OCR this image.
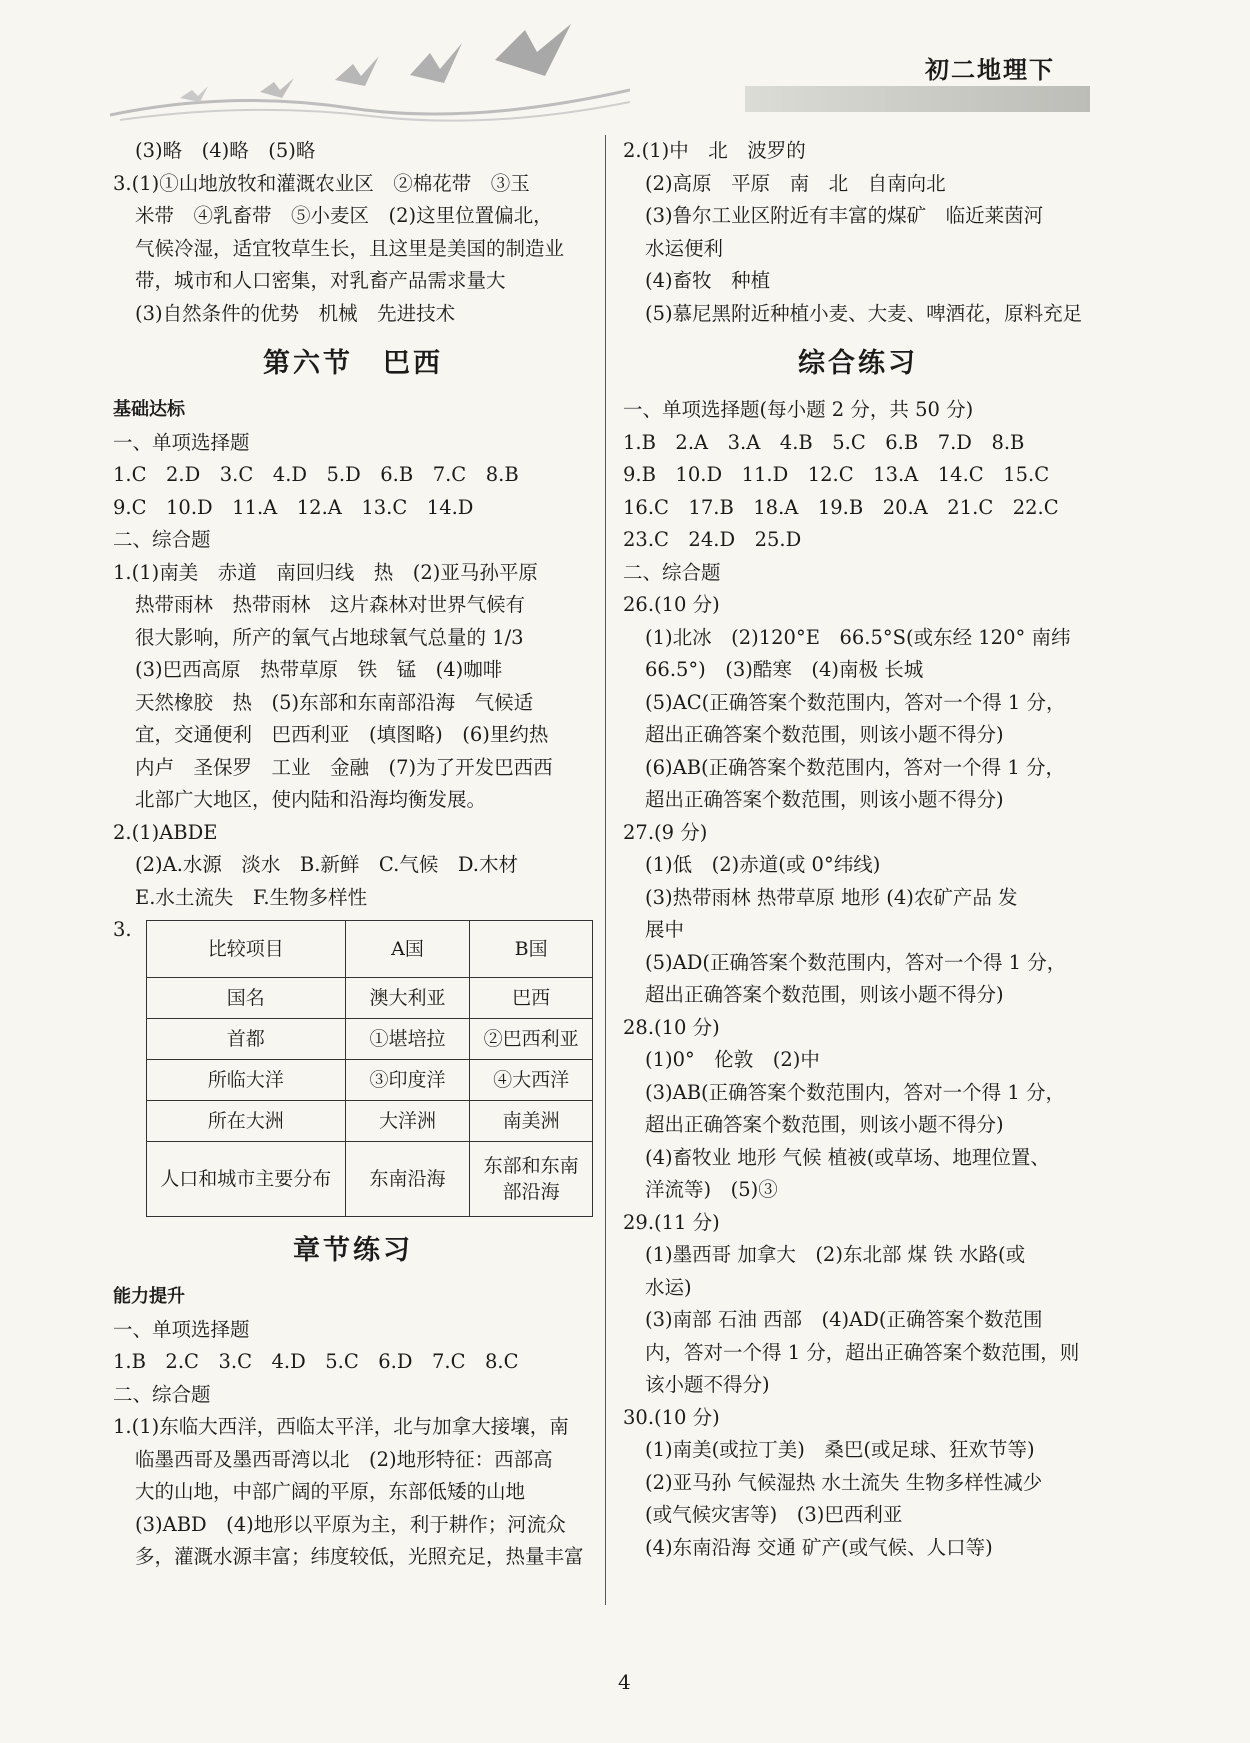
初二地理下
(3)略　(4)略　(5)略
3.(1)①山地放牧和灌溉农业区　②棉花带　③玉
米带　④乳畜带　⑤小麦区　(2)这里位置偏北，
气候冷湿，适宜牧草生长，且这里是美国的制造业
带，城市和人口密集，对乳畜产品需求量大
(3)自然条件的优势　机械　先进技术
第六节　巴西
基础达标
一、单项选择题
1.C　2.D　3.C　4.D　5.D　6.B　7.C　8.B
9.C　10.D　11.A　12.A　13.C　14.D
二、综合题
1.(1)南美　赤道　南回归线　热　(2)亚马孙平原
热带雨林　热带雨林　这片森林对世界气候有
很大影响，所产的氧气占地球氧气总量的 1/3
(3)巴西高原　热带草原　铁　锰　(4)咖啡
天然橡胶　热　(5)东部和东南部沿海　气候适
宜，交通便利　巴西利亚　(填图略)　(6)里约热
内卢　圣保罗　工业　金融　(7)为了开发巴西西
北部广大地区，使内陆和沿海均衡发展。
2.(1)ABDE
(2)A.水源　淡水　B.新鲜　C.气候　D.木材
E.水土流失　F.生物多样性
3.
比较项目	A国	B国
国名	澳大利亚	巴西
首都	①堪培拉	②巴西利亚
所临大洋	③印度洋	④大西洋
所在大洲	大洋洲	南美洲
人口和城市主要分布	东南沿海	东部和东南部沿海
章节练习
能力提升
一、单项选择题
1.B　2.C　3.C　4.D　5.C　6.D　7.C　8.C
二、综合题
1.(1)东临大西洋，西临太平洋，北与加拿大接壤，南
临墨西哥及墨西哥湾以北　(2)地形特征：西部高
大的山地，中部广阔的平原，东部低矮的山地
(3)ABD　(4)地形以平原为主，利于耕作；河流众
多，灌溉水源丰富；纬度较低，光照充足，热量丰富
2.(1)中　北　波罗的
(2)高原　平原　南　北　自南向北
(3)鲁尔工业区附近有丰富的煤矿　临近莱茵河
水运便利
(4)畜牧　种植
(5)慕尼黑附近种植小麦、大麦、啤酒花，原料充足
综合练习
一、单项选择题(每小题 2 分，共 50 分)
1.B　2.A　3.A　4.B　5.C　6.B　7.D　8.B
9.B　10.D　11.D　12.C　13.A　14.C　15.C
16.C　17.B　18.A　19.B　20.A　21.C　22.C
23.C　24.D　25.D
二、综合题
26.(10 分)
(1)北冰　(2)120°E　66.5°S(或东经 120° 南纬
66.5°)　(3)酷寒　(4)南极 长城
(5)AC(正确答案个数范围内，答对一个得 1 分，
超出正确答案个数范围，则该小题不得分)
(6)AB(正确答案个数范围内，答对一个得 1 分，
超出正确答案个数范围，则该小题不得分)
27.(9 分)
(1)低　(2)赤道(或 0°纬线)
(3)热带雨林 热带草原 地形 (4)农矿产品 发
展中
(5)AD(正确答案个数范围内，答对一个得 1 分，
超出正确答案个数范围，则该小题不得分)
28.(10 分)
(1)0°　伦敦　(2)中
(3)AB(正确答案个数范围内，答对一个得 1 分，
超出正确答案个数范围，则该小题不得分)
(4)畜牧业 地形 气候 植被(或草场、地理位置、
洋流等)　(5)③
29.(11 分)
(1)墨西哥 加拿大　(2)东北部 煤 铁 水路(或
水运)
(3)南部 石油 西部　(4)AD(正确答案个数范围
内，答对一个得 1 分，超出正确答案个数范围，则
该小题不得分)
30.(10 分)
(1)南美(或拉丁美)　桑巴(或足球、狂欢节等)
(2)亚马孙 气候湿热 水土流失 生物多样性减少
(或气候灾害等)　(3)巴西利亚
(4)东南沿海 交通 矿产(或气候、人口等)
4
